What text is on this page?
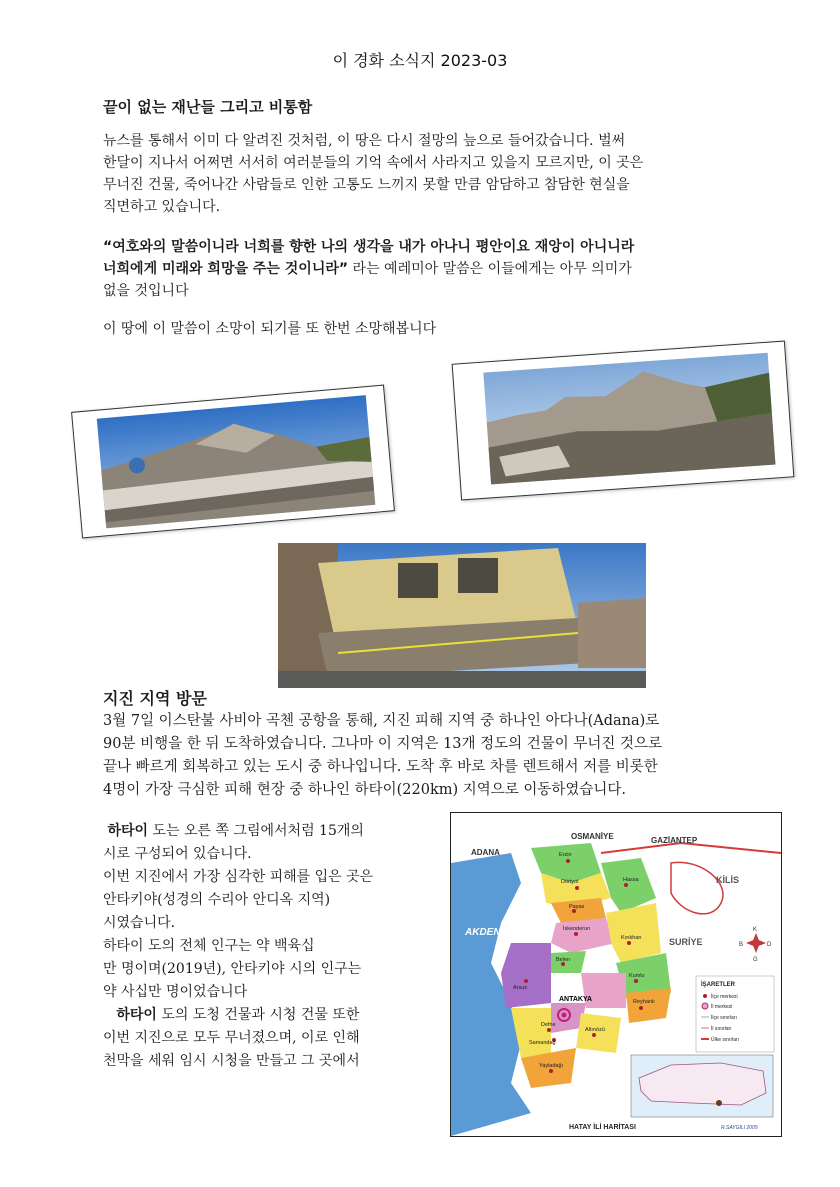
이 경화 소식지 2023-03
끝이 없는 재난들 그리고 비통함
뉴스를 통해서 이미 다 알려진 것처럼, 이 땅은 다시 절망의 늪으로 들어갔습니다. 벌써
한달이 지나서 어쩌면 서서히 여러분들의 기억 속에서 사라지고 있을지 모르지만, 이 곳은
무너진 건물, 죽어나간 사람들로 인한 고통도 느끼지 못할 만큼 암담하고 참담한 현실을
직면하고 있습니다.
“여호와의 말씀이니라 너희를 향한 나의 생각을 내가 아나니 평안이요 재앙이 아니니라
너희에게 미래와 희망을 주는 것이니라” 라는 예레미아 말씀은 이들에게는 아무 의미가
없을 것입니다
이 땅에 이 말씀이 소망이 되기를 또 한번 소망해봅니다
지진 지역 방문
3월 7일 이스탄불 사비아 곡첸 공항을 통해, 지진 피해 지역 중 하나인 아다나(Adana)로
90분 비행을 한 뒤 도착하였습니다. 그나마 이 지역은 13개 정도의 건물이 무너진 것으로
끝나 빠르게 회복하고 있는 도시 중 하나입니다. 도착 후 바로 차를 렌트해서 저를 비롯한
4명이 가장 극심한 피해 현장 중 하나인 하타이(220km) 지역으로 이동하였습니다.
하타이 도는 오른 쪽 그림에서처럼 15개의
시로 구성되어 있습니다.
이번 지진에서 가장 심각한 피해를 입은 곳은
안타키야(성경의 수리아 안디옥 지역)
시였습니다.
하타이 도의 전체 인구는 약 백육십
만 명이며(2019년), 안타키야 시의 인구는
약 사십만 명이었습니다
하타이 도의 도청 건물과 시청 건물 또한
이번 지진으로 모두 무너졌으며, 이로 인해
천막을 세워 임시 시청을 만들고 그 곳에서
OSMANİYE	GAZİANTEP
ADANA
KİLİS
AKDENİZ
SURİYE
Erzin
Dörtyol	Hassa
Payas
İskenderun
Kırıkhan
Belen
Kumlu
Arsuz
Reyhanlı
ANTAKYA
Defne
Samandağ
Altınözü
Yayladağı
K
B	D
G
İŞARETLER
İlçe merkezi
İl merkezi
İlçe sınırları
İl sınırları
Ülke sınırları
HATAY İLİ HARİTASI	R.SAYGILI 2005
